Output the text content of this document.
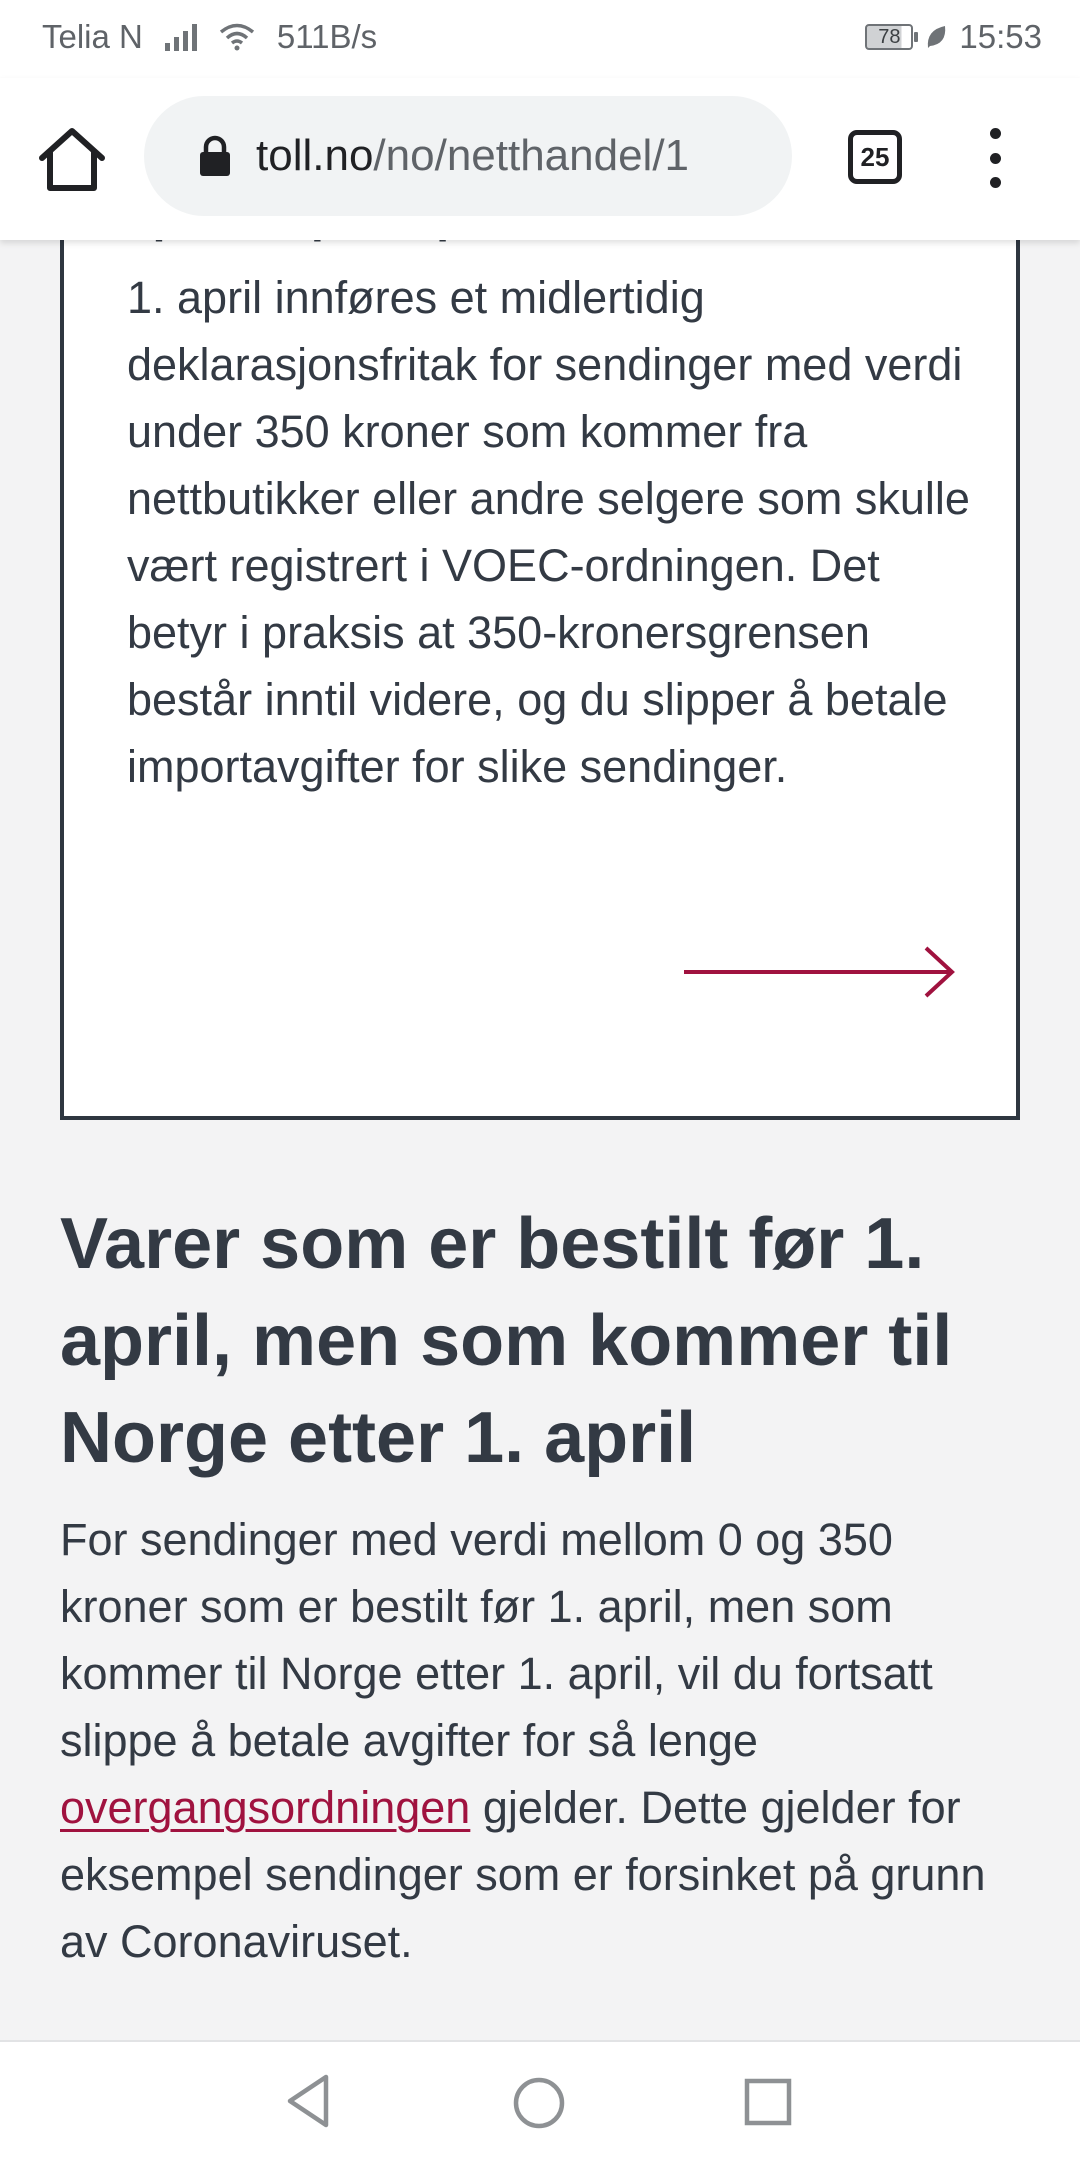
Telia N	511B/s	78	15:53
toll.no/no/netthandel/1	25
1. april innføres et midlertidig deklarasjonsfritak for sendinger med verdi under 350 kroner som kommer fra nettbutikker eller andre selgere som skulle vært registrert i VOEC-ordningen. Det betyr i praksis at 350-kronersgrensen består inntil videre, og du slipper å betale importavgifter for slike sendinger.
Varer som er bestilt før 1. april, men som kommer til Norge etter 1. april

For sendinger med verdi mellom 0 og 350 kroner som er bestilt før 1. april, men som kommer til Norge etter 1. april, vil du fortsatt slippe å betale avgifter for så lenge overgangsordningen gjelder. Dette gjelder for eksempel sendinger som er forsinket på grunn av Coronaviruset.
